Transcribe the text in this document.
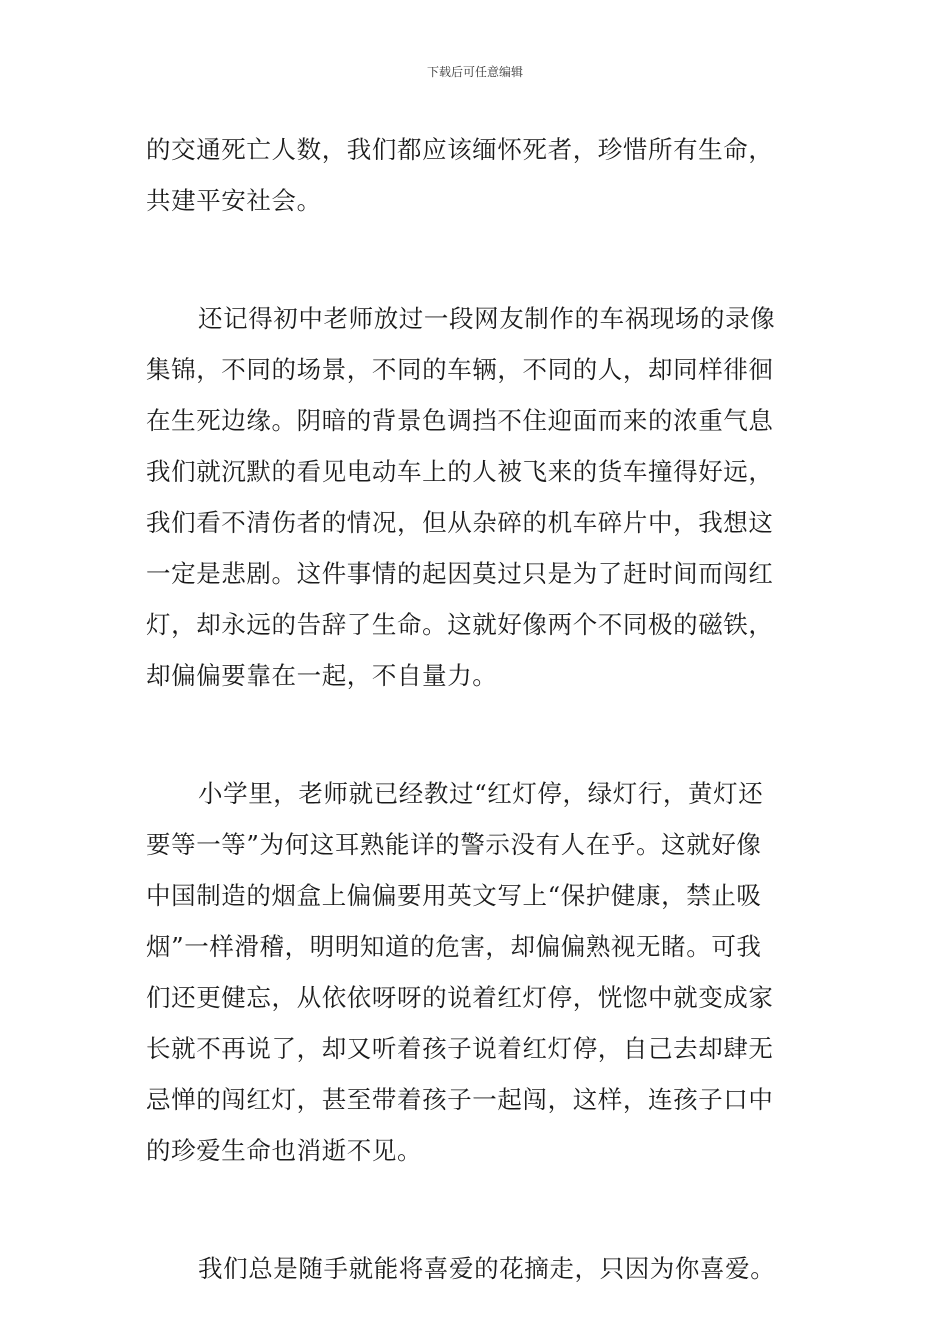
下载后可任意编辑
的交通死亡人数，我们都应该缅怀死者，珍惜所有生命，
共建平安社会。
还记得初中老师放过一段网友制作的车祸现场的录像
集锦，不同的场景，不同的车辆，不同的人，却同样徘徊
在生死边缘。阴暗的背景色调挡不住迎面而来的浓重气息
我们就沉默的看见电动车上的人被飞来的货车撞得好远，
我们看不清伤者的情况，但从杂碎的机车碎片中，我想这
一定是悲剧。这件事情的起因莫过只是为了赶时间而闯红
灯，却永远的告辞了生命。这就好像两个不同极的磁铁，
却偏偏要靠在一起，不自量力。
小学里，老师就已经教过“红灯停，绿灯行，黄灯还
要等一等”为何这耳熟能详的警示没有人在乎。这就好像
中国制造的烟盒上偏偏要用英文写上“保护健康，禁止吸
烟”一样滑稽，明明知道的危害，却偏偏熟视无睹。可我
们还更健忘，从依依呀呀的说着红灯停，恍惚中就变成家
长就不再说了，却又听着孩子说着红灯停，自己去却肆无
忌惮的闯红灯，甚至带着孩子一起闯，这样，连孩子口中
的珍爱生命也消逝不见。
我们总是随手就能将喜爱的花摘走，只因为你喜爱。
